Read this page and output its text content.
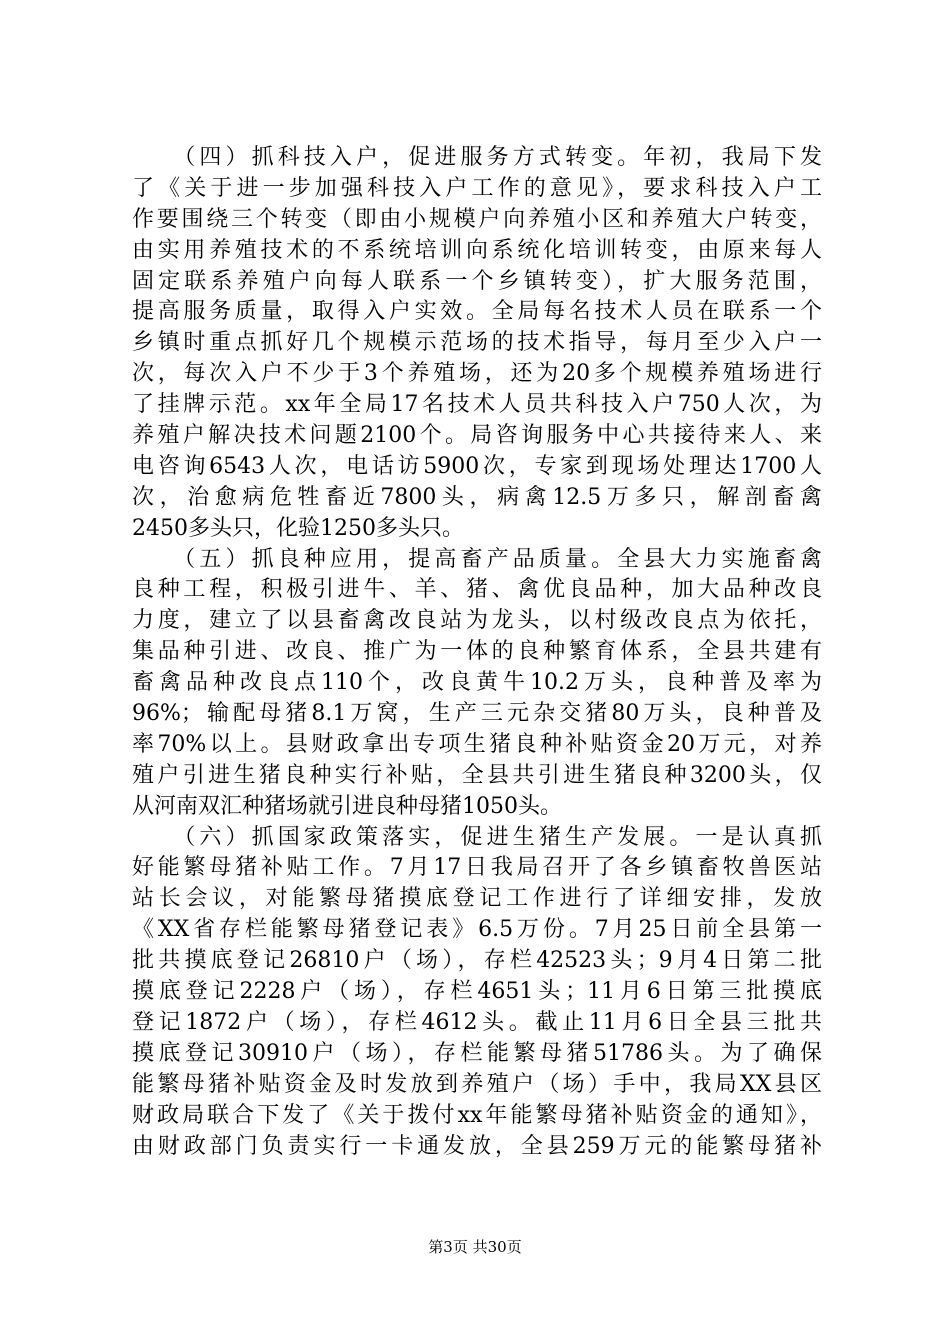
　　（四）抓科技入户，促进服务方式转变。年初，我局下发
了《关于进一步加强科技入户工作的意见》，要求科技入户工
作要围绕三个转变（即由小规模户向养殖小区和养殖大户转变，
由实用养殖技术的不系统培训向系统化培训转变，由原来每人
固定联系养殖户向每人联系一个乡镇转变），扩大服务范围，
提高服务质量，取得入户实效。全局每名技术人员在联系一个
乡镇时重点抓好几个规模示范场的技术指导，每月至少入户一
次，每次入户不少于3个养殖场，还为20多个规模养殖场进行
了挂牌示范。xx年全局17名技术人员共科技入户750人次，为
养殖户解决技术问题2100个。局咨询服务中心共接待来人、来
电咨询6543人次，电话访5900次，专家到现场处理达1700人
次，治愈病危牲畜近7800头，病禽12.5万多只，解剖畜禽
2450多头只，化验1250多头只。
　　（五）抓良种应用，提高畜产品质量。全县大力实施畜禽
良种工程，积极引进牛、羊、猪、禽优良品种，加大品种改良
力度，建立了以县畜禽改良站为龙头，以村级改良点为依托，
集品种引进、改良、推广为一体的良种繁育体系，全县共建有
畜禽品种改良点110个，改良黄牛10.2万头，良种普及率为
96%；输配母猪8.1万窝，生产三元杂交猪80万头，良种普及
率70%以上。县财政拿出专项生猪良种补贴资金20万元，对养
殖户引进生猪良种实行补贴，全县共引进生猪良种3200头，仅
从河南双汇种猪场就引进良种母猪1050头。
　　（六）抓国家政策落实，促进生猪生产发展。一是认真抓
好能繁母猪补贴工作。7月17日我局召开了各乡镇畜牧兽医站
站长会议，对能繁母猪摸底登记工作进行了详细安排，发放
《XX省存栏能繁母猪登记表》6.5万份。7月25日前全县第一
批共摸底登记26810户（场），存栏42523头；9月4日第二批
摸底登记2228户（场），存栏4651头；11月6日第三批摸底
登记1872户（场），存栏4612头。截止11月6日全县三批共
摸底登记30910户（场），存栏能繁母猪51786头。为了确保
能繁母猪补贴资金及时发放到养殖户（场）手中，我局XX县区
财政局联合下发了《关于拨付xx年能繁母猪补贴资金的通知》，
由财政部门负责实行一卡通发放，全县259万元的能繁母猪补
第3页 共30页
